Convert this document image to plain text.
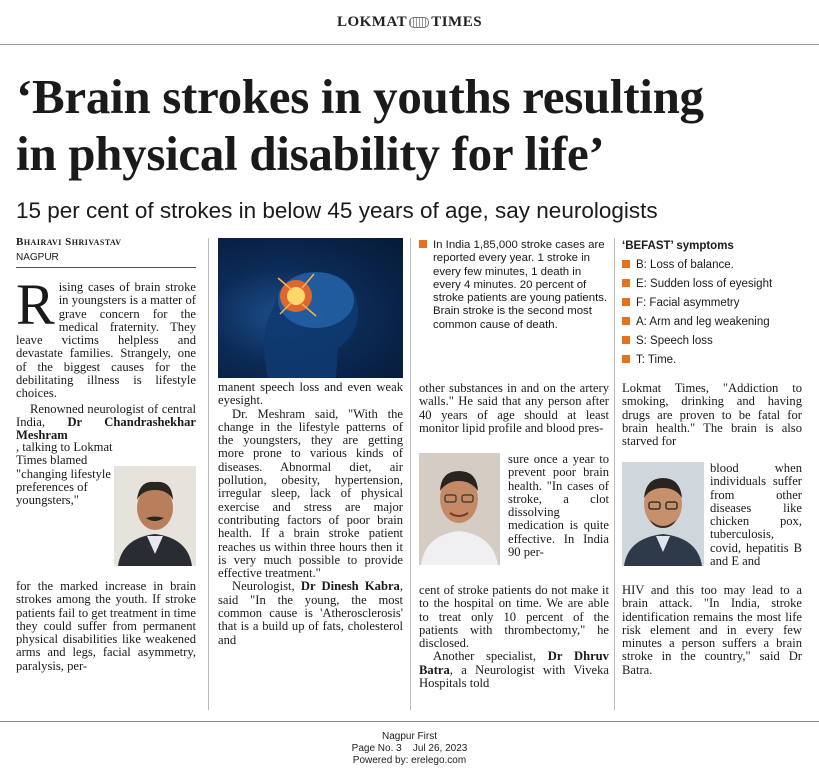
LOKMAT TIMES
‘Brain strokes in youths resulting
in physical disability for life’
15 per cent of strokes in below 45 years of age, say neurologists
Bhairavi Shrivastav
NAGPUR
Rising cases of brain stroke in youngsters is a matter of grave concern for the medical fraternity. They leave victims helpless and devastate families. Strangely, one of the biggest causes for the debilitating illness is lifestyle choices.

Renowned neurologist of central India, Dr Chandrashekhar Meshram

, talking to Lokmat Times blamed "changing lifestyle preferences of youngsters,"
for the marked increase in brain strokes among the youth. If stroke patients fail to get treatment in time they could suffer from permanent physical disabilities like weakened arms and legs, facial asymmetry, paralysis, per-

manent speech loss and even weak eyesight.

Dr. Meshram said, "With the change in the lifestyle patterns of the youngsters, they are getting more prone to various kinds of diseases. Abnormal diet, air pollution, obesity, hypertension, irregular sleep, lack of physical exercise and stress are major contributing factors of poor brain health. If a brain stroke patient reaches us within three hours then it is very much possible to provide effective treatment."

Neurologist, Dr Dinesh Kabra, said "In the young, the most common cause is 'Atherosclerosis' that is a build up of fats, cholesterol and

In India 1,85,000 stroke cases are reported every year. 1 stroke in every few minutes, 1 death in every 4 minutes. 20 percent of stroke patients are young patients. Brain stroke is the second most common cause of death.

other substances in and on the artery walls." He said that any person after 40 years of age should at least monitor lipid profile and blood pres-

sure once a year to prevent poor brain health. "In cases of stroke, a clot dissolving medication is quite effective. In India 90 per-

cent of stroke patients do not make it to the hospital on time. We are able to treat only 10 percent of the patients with thrombectomy," he disclosed.

Another specialist, Dr Dhruv Batra, a Neurologist with Viveka Hospitals told

‘BEFAST’ symptoms
B: Loss of balance.
E: Sudden loss of eyesight
F: Facial asymmetry
A: Arm and leg weakening
S: Speech loss
T: Time.

Lokmat Times, "Addiction to smoking, drinking and having drugs are proven to be fatal for brain health." The brain is also starved for

blood when individuals suffer from other diseases like chicken pox, tuberculosis, covid, hepatitis B and E and

HIV and this too may lead to a brain attack. "In India, stroke identification remains the most life risk element and in every few minutes a person suffers a brain stroke in the country," said Dr Batra.

Nagpur First
Page No. 3 Jul 26, 2023
Powered by: erelego.com
